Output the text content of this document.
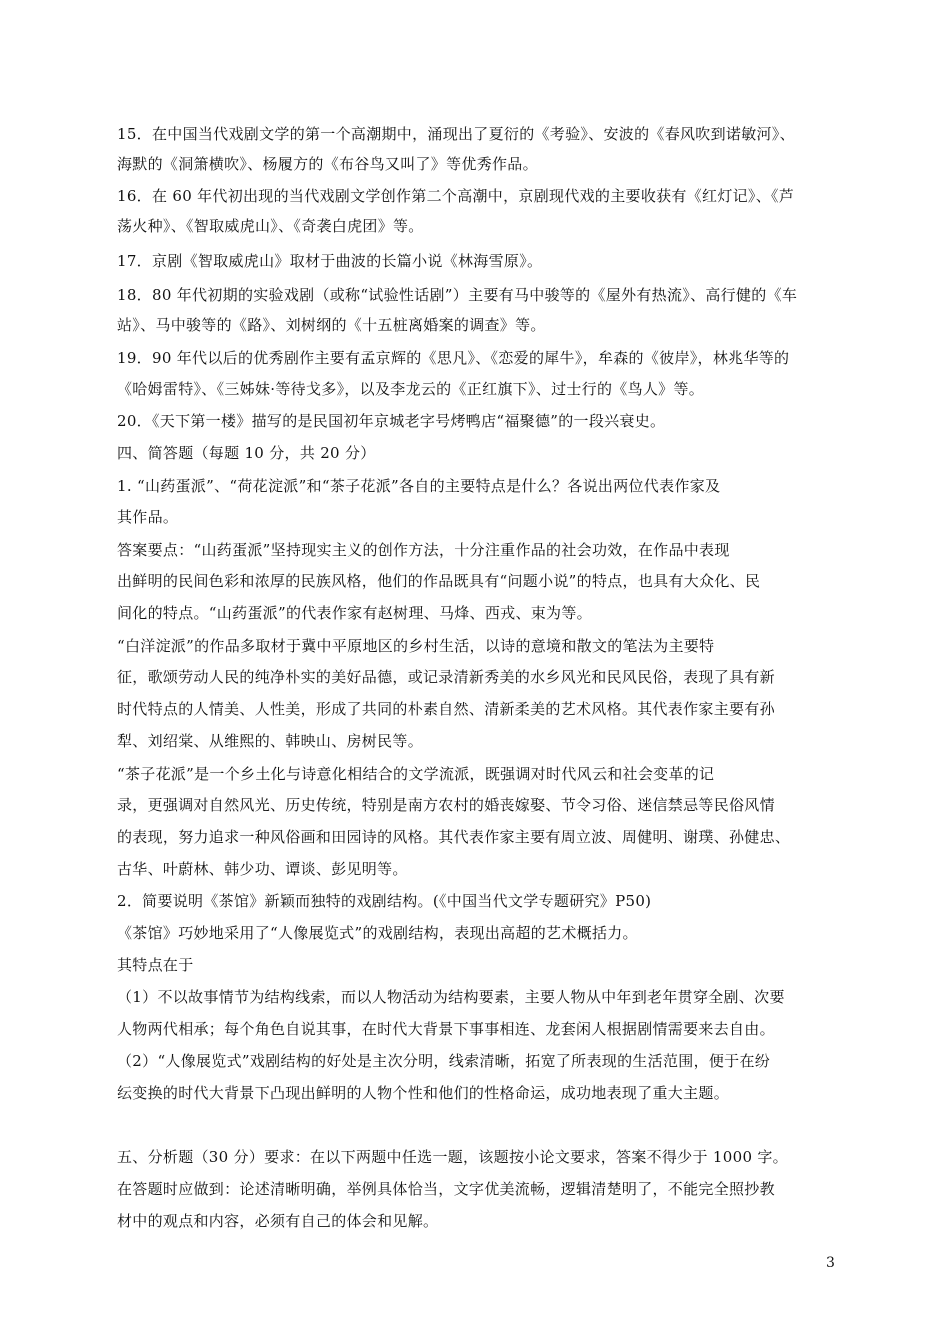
15．在中国当代戏剧文学的第一个高潮期中，涌现出了夏衍的《考验》、安波的《春风吹到诺敏河》、
海默的《洞箫横吹》、杨履方的《布谷鸟又叫了》等优秀作品。
16．在 60 年代初出现的当代戏剧文学创作第二个高潮中，京剧现代戏的主要收获有《红灯记》、《芦
荡火种》、《智取威虎山》、《奇袭白虎团》等。
17．京剧《智取威虎山》取材于曲波的长篇小说《林海雪原》。
18．80 年代初期的实验戏剧（或称“试验性话剧”）主要有马中骏等的《屋外有热流》、高行健的《车
站》、马中骏等的《路》、刘树纲的《十五桩离婚案的调查》等。
19．90 年代以后的优秀剧作主要有孟京辉的《思凡》、《恋爱的犀牛》，牟森的《彼岸》，林兆华等的
《哈姆雷特》、《三姊妹·等待戈多》，以及李龙云的《正红旗下》、过士行的《鸟人》等。
20．《天下第一楼》描写的是民国初年京城老字号烤鸭店“福聚德”的一段兴衰史。
四、简答题（每题 10 分，共 20 分）
1. “山药蛋派”、“荷花淀派”和“茶子花派”各自的主要特点是什么？各说出两位代表作家及
其作品。
答案要点：“山药蛋派”坚持现实主义的创作方法，十分注重作品的社会功效，在作品中表现
出鲜明的民间色彩和浓厚的民族风格，他们的作品既具有“问题小说”的特点，也具有大众化、民
间化的特点。“山药蛋派”的代表作家有赵树理、马烽、西戎、束为等。
“白洋淀派”的作品多取材于冀中平原地区的乡村生活，以诗的意境和散文的笔法为主要特
征，歌颂劳动人民的纯净朴实的美好品德，或记录清新秀美的水乡风光和民风民俗，表现了具有新
时代特点的人情美、人性美，形成了共同的朴素自然、清新柔美的艺术风格。其代表作家主要有孙
犁、刘绍棠、从维熙的、韩映山、房树民等。
“茶子花派”是一个乡土化与诗意化相结合的文学流派，既强调对时代风云和社会变革的记
录，更强调对自然风光、历史传统，特别是南方农村的婚丧嫁娶、节令习俗、迷信禁忌等民俗风情
的表现，努力追求一种风俗画和田园诗的风格。其代表作家主要有周立波、周健明、谢璞、孙健忠、
古华、叶蔚林、韩少功、谭谈、彭见明等。
2．简要说明《茶馆》新颖而独特的戏剧结构。(《中国当代文学专题研究》P50)
《茶馆》巧妙地采用了“人像展览式”的戏剧结构，表现出高超的艺术概括力。
其特点在于
（1）不以故事情节为结构线索，而以人物活动为结构要素，主要人物从中年到老年贯穿全剧、次要
人物两代相承；每个角色自说其事，在时代大背景下事事相连、龙套闲人根据剧情需要来去自由。
（2）“人像展览式”戏剧结构的好处是主次分明，线索清晰，拓宽了所表现的生活范围，便于在纷
纭变换的时代大背景下凸现出鲜明的人物个性和他们的性格命运，成功地表现了重大主题。
五、分析题（30 分）要求：在以下两题中任选一题，该题按小论文要求，答案不得少于 1000 字。
在答题时应做到：论述清晰明确，举例具体恰当，文字优美流畅，逻辑清楚明了，不能完全照抄教
材中的观点和内容，必须有自己的体会和见解。
3
